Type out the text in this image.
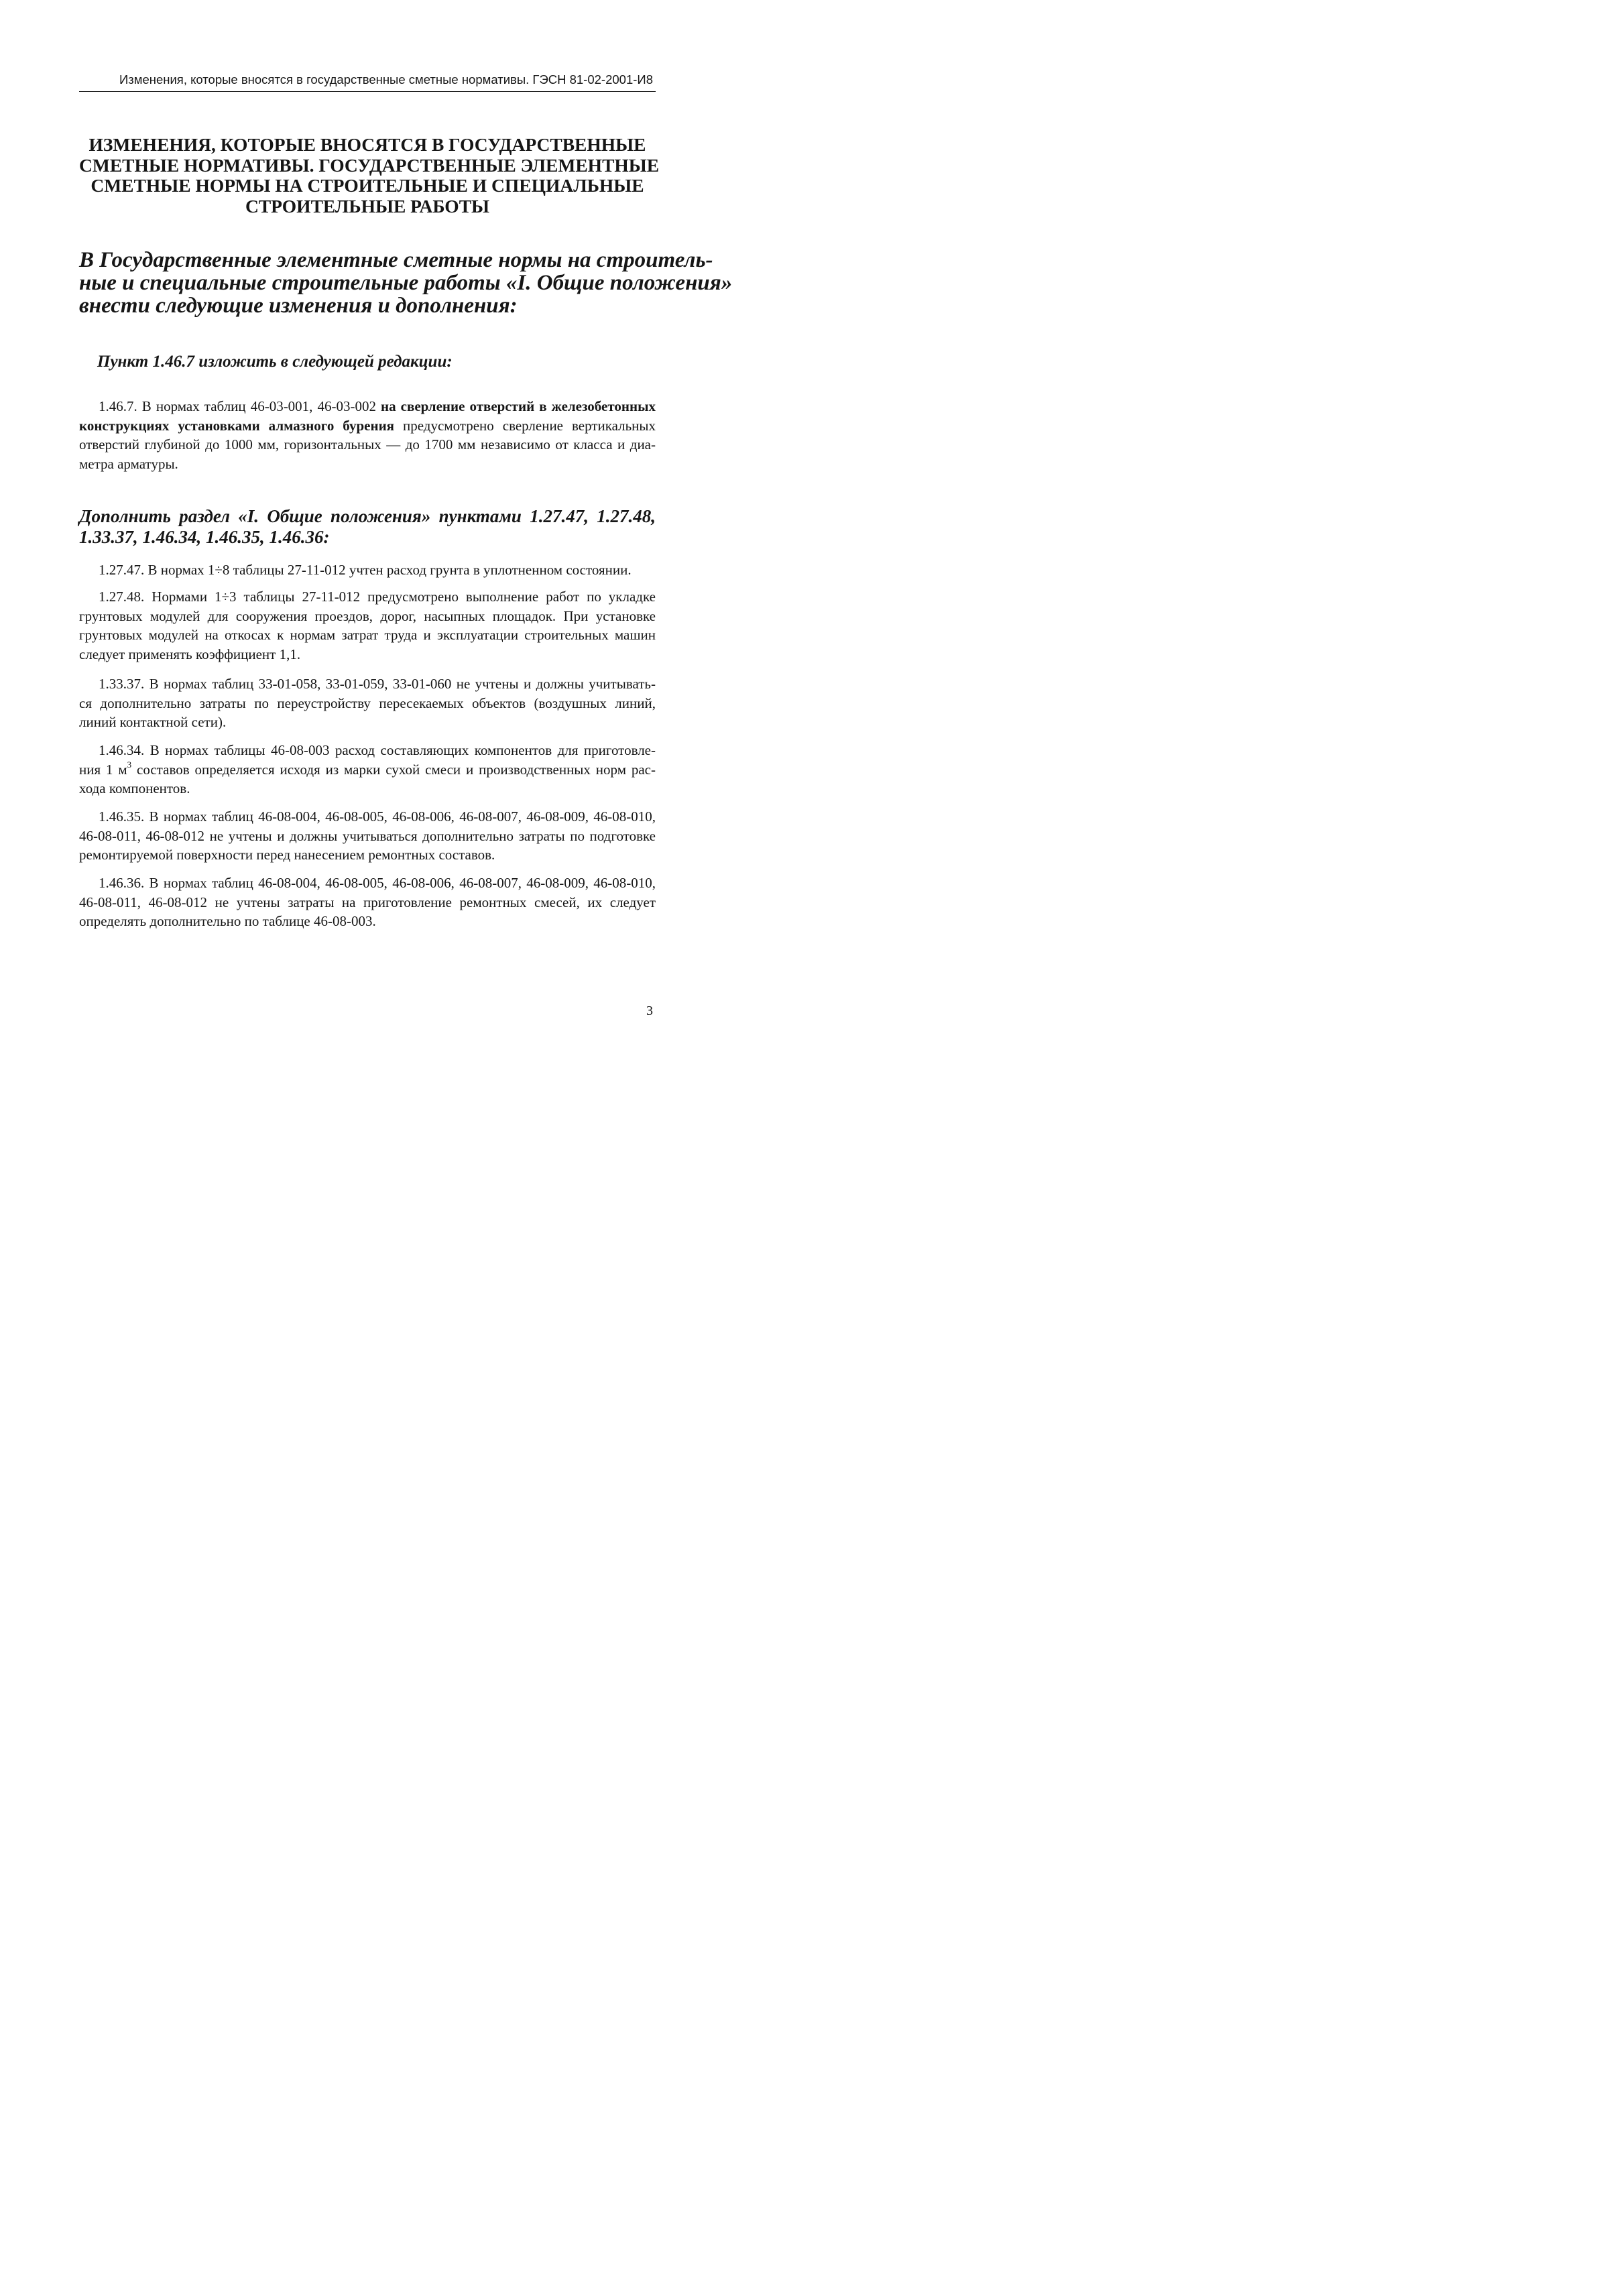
Изменения, которые вносятся в государственные сметные нормативы. ГЭСН 81-02-2001-И8
ИЗМЕНЕНИЯ, КОТОРЫЕ ВНОСЯТСЯ В ГОСУДАРСТВЕННЫЕ
СМЕТНЫЕ НОРМАТИВЫ. ГОСУДАРСТВЕННЫЕ ЭЛЕМЕНТНЫЕ
СМЕТНЫЕ НОРМЫ НА СТРОИТЕЛЬНЫЕ И СПЕЦИАЛЬНЫЕ
СТРОИТЕЛЬНЫЕ РАБОТЫ
В Государственные элементные сметные нормы на строитель-
ные и специальные строительные работы «I. Общие положения»
внести следующие изменения и дополнения:
Пункт 1.46.7 изложить в следующей редакции:
1.46.7. В нормах таблиц 46-03-001, 46-03-002 на сверление отверстий в железобетонных
конструкциях установками алмазного бурения предусмотрено сверление вертикальных
отверстий глубиной до 1000 мм, горизонтальных — до 1700 мм независимо от класса и диа-
метра арматуры.
Дополнить раздел «I. Общие положения» пунктами 1.27.47, 1.27.48,
1.33.37, 1.46.34, 1.46.35, 1.46.36:
1.27.47. В нормах 1÷8 таблицы 27-11-012 учтен расход грунта в уплотненном состоянии.
1.27.48. Нормами 1÷3 таблицы 27-11-012 предусмотрено выполнение работ по укладке
грунтовых модулей для сооружения проездов, дорог, насыпных площадок. При установке
грунтовых модулей на откосах к нормам затрат труда и эксплуатации строительных машин
следует применять коэффициент 1,1.
1.33.37. В нормах таблиц 33-01-058, 33-01-059, 33-01-060 не учтены и должны учитывать-
ся дополнительно затраты по переустройству пересекаемых объектов (воздушных линий,
линий контактной сети).
1.46.34. В нормах таблицы 46-08-003 расход составляющих компонентов для приготовле-
ния 1 $м^3$ составов определяется исходя из марки сухой смеси и производственных норм рас-
хода компонентов.
1.46.35. В нормах таблиц 46-08-004, 46-08-005, 46-08-006, 46-08-007, 46-08-009, 46-08-010,
46-08-011, 46-08-012 не учтены и должны учитываться дополнительно затраты по подготовке
ремонтируемой поверхности перед нанесением ремонтных составов.
1.46.36. В нормах таблиц 46-08-004, 46-08-005, 46-08-006, 46-08-007, 46-08-009, 46-08-010,
46-08-011, 46-08-012 не учтены затраты на приготовление ремонтных смесей, их следует
определять дополнительно по таблице 46-08-003.
3
